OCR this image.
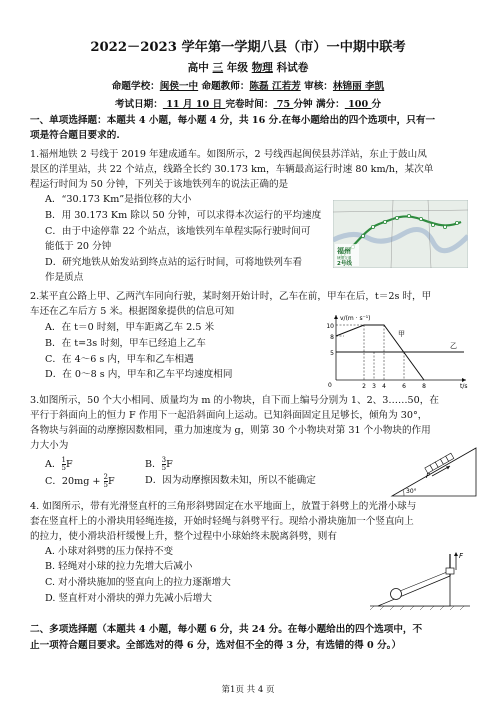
2022－2023 学年第一学期八县（市）一中期中联考
高中 三 年级 物理 科试卷
命题学校：闽侯一中 命题教师：陈磊 江若芳 审核：林锦丽 李凯
考试日期： 11 月 10 日 完卷时间： 75 分钟 满分： 100 分
一、单项选择题：本题共 4 小题，每小题 4 分，共 16 分.在每小题给出的四个选项中，只有一
项是符合题目要求的.
1.福州地铁 2 号线于 2019 年建成通车。如图所示，2 号线西起闽侯县苏洋站，东止于鼓山凤
景区的洋里站，共 22 个站点，线路全长约 30.173 km，车辆最高运行时速 80 km/h，某次单
程运行时间为 50 分钟，下列关于该地铁列车的说法正确的是
A．“30.173 Km”是指位移的大小
B．用 30.173 Km 除以 50 分钟，可以求得本次运行的平均速度
C．由于中途停靠 22 个站点，该地铁列车单程实际行驶时间可
能低于 20 分钟
D．研究地铁从始发站到终点站的运行时间，可将地铁列车看
作是质点
福州
轨道交通
2号线
2.某平直公路上甲、乙两汽车同向行驶，某时刻开始计时，乙车在前，甲车在后，t＝2s 时，甲
车还在乙车后方 5 米。根据图象提供的信息可知
A．在 t＝0 时刻，甲车距离乙车 2.5 米
B．在 t=3s 时刻，甲车已经追上乙车
C．在 4～6 s 内，甲车和乙车相遇
D．在 0～8 s 内，甲车和乙车平均速度相同
v/(m · s⁻¹)
t/s
0
10
8
5
2 3 4	6	8
甲
乙
3.如图所示，50 个大小相同、质量均为 m 的小物块，自下而上编号分别为 1、2、3……50，在
平行于斜面向上的恒力 F 作用下一起沿斜面向上运动。已知斜面固定且足够长，倾角为 30°，
各物块与斜面的动摩擦因数相同，重力加速度为 g，则第 30 个小物块对第 31 个小物块的作用
力大小为
A． $\frac{1}{5}$ F	B． $\frac{3}{5}$ F
C．$20mg + \frac{2}{5}$ F	D．因为动摩擦因数未知，所以不能确定	F
30°
4. 如图所示，带有光滑竖直杆的三角形斜劈固定在水平地面上，放置于斜劈上的光滑小球与
套在竖直杆上的小滑块用轻绳连接，开始时轻绳与斜劈平行。现给小滑块施加一个竖直向上
的拉力，使小滑块沿杆缓慢上升，整个过程中小球始终未脱离斜劈，则有
A. 小球对斜劈的压力保持不变
B. 轻绳对小球的拉力先增大后减小
C. 对小滑块施加的竖直向上的拉力逐渐增大
D. 竖直杆对小滑块的弹力先减小后增大
F
二、多项选择题（本题共 4 小题，每小题 6 分，共 24 分。在每小题给出的四个选项中，不
止一项符合题目要求。全部选对的得 6 分，选对但不全的得 3 分，有选错的得 0 分。）
第1页 共 4 页
